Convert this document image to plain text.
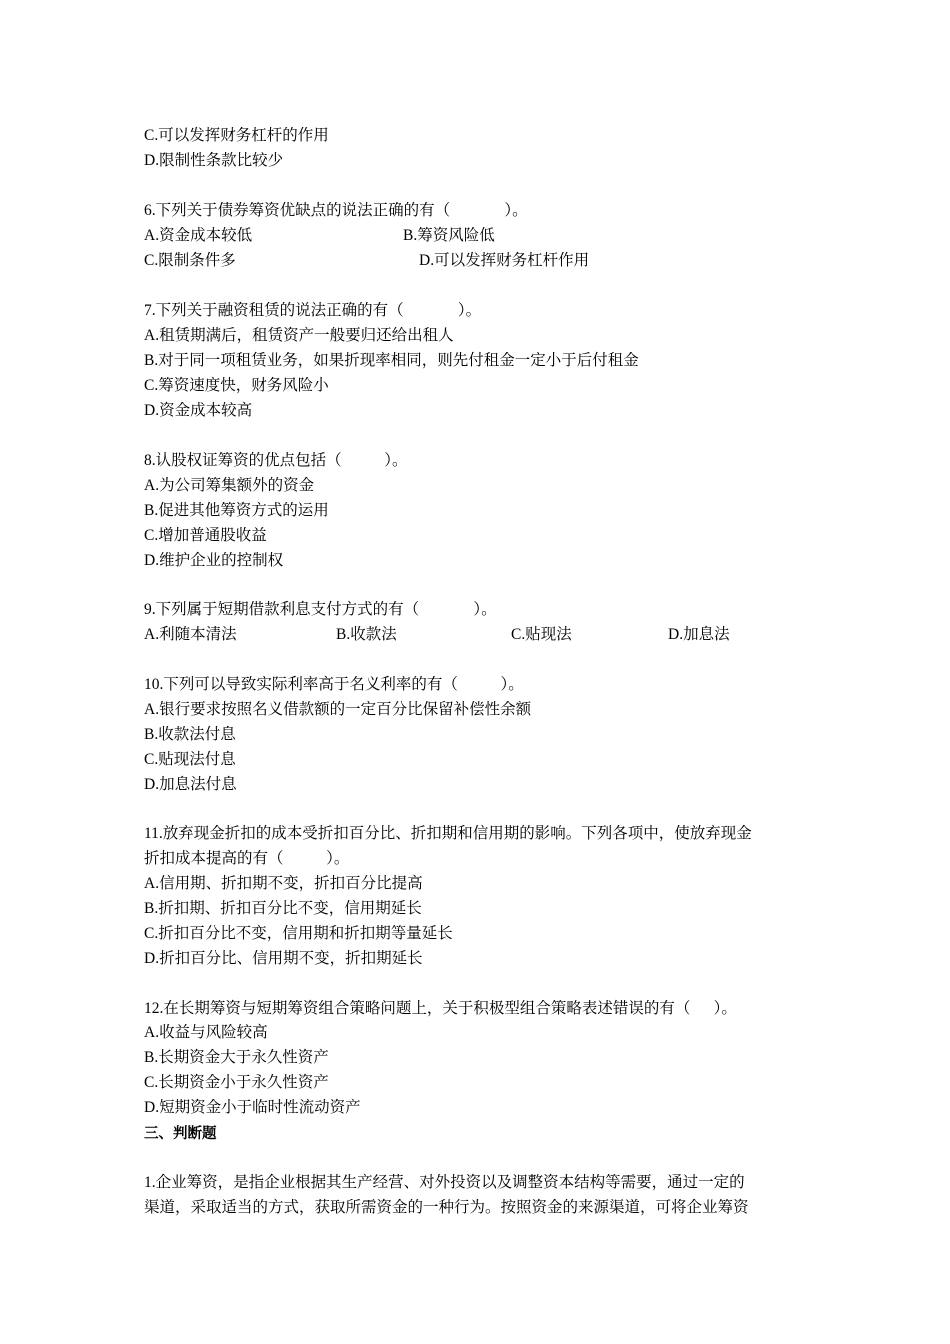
C.可以发挥财务杠杆的作用
D.限制性条款比较少
6.下列关于债券筹资优缺点的说法正确的有（              ）。
A.资金成本较低	B.筹资风险低
C.限制条件多	D.可以发挥财务杠杆作用
7.下列关于融资租赁的说法正确的有（              ）。
A.租赁期满后，租赁资产一般要归还给出租人
B.对于同一项租赁业务，如果折现率相同，则先付租金一定小于后付租金
C.筹资速度快，财务风险小
D.资金成本较高
8.认股权证筹资的优点包括（           ）。
A.为公司筹集额外的资金
B.促进其他筹资方式的运用
C.增加普通股收益
D.维护企业的控制权
9.下列属于短期借款利息支付方式的有（              ）。
A.利随本清法	B.收款法	C.贴现法	D.加息法
10.下列可以导致实际利率高于名义利率的有（           ）。
A.银行要求按照名义借款额的一定百分比保留补偿性余额
B.收款法付息
C.贴现法付息
D.加息法付息
11.放弃现金折扣的成本受折扣百分比、折扣期和信用期的影响。下列各项中，使放弃现金
折扣成本提高的有（           ）。
A.信用期、折扣期不变，折扣百分比提高
B.折扣期、折扣百分比不变，信用期延长
C.折扣百分比不变，信用期和折扣期等量延长
D.折扣百分比、信用期不变，折扣期延长
12.在长期筹资与短期筹资组合策略问题上，关于积极型组合策略表述错误的有（      ）。
A.收益与风险较高
B.长期资金大于永久性资产
C.长期资金小于永久性资产
D.短期资金小于临时性流动资产
三、判断题
1.企业筹资，是指企业根据其生产经营、对外投资以及调整资本结构等需要，通过一定的
渠道，采取适当的方式，获取所需资金的一种行为。按照资金的来源渠道，可将企业筹资
